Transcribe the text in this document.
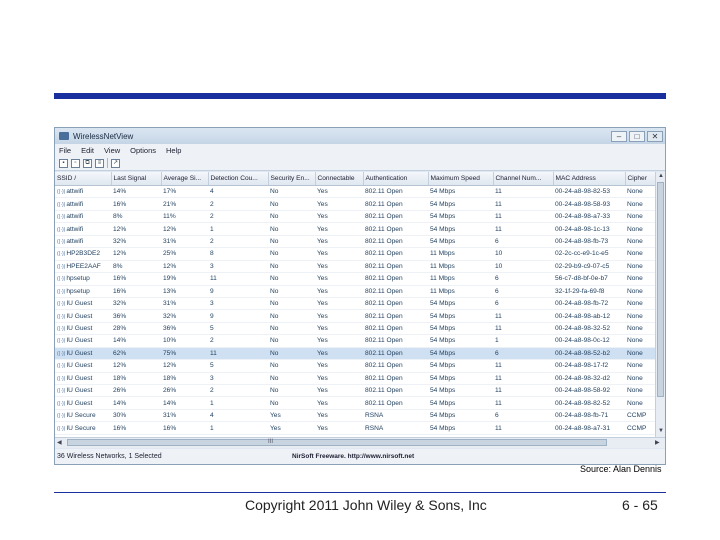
WirelessNetView	–	□	✕
File Edit View Options Help
▪	▫	⧉	≡	↗
SSID /	Last Signal	Average Si...	Detection Cou...	Security En...	Connectable	Authentication	Maximum Speed	Channel Num...	MAC Address	Cipher
((·))attwifi	14%	17%	4	No	Yes	802.11 Open	54 Mbps	11	00-24-a8-98-82-53	None
((·))attwifi	16%	21%	2	No	Yes	802.11 Open	54 Mbps	11	00-24-a8-98-58-93	None
((·))attwifi	8%	11%	2	No	Yes	802.11 Open	54 Mbps	11	00-24-a8-98-a7-33	None
((·))attwifi	12%	12%	1	No	Yes	802.11 Open	54 Mbps	11	00-24-a8-98-1c-13	None
((·))attwifi	32%	31%	2	No	Yes	802.11 Open	54 Mbps	6	00-24-a8-98-fb-73	None
((·))HP2B3DE2	12%	25%	8	No	Yes	802.11 Open	11 Mbps	10	02-2c-cc-e9-1c-e5	None
((·))HPEE2AAF	8%	12%	3	No	Yes	802.11 Open	11 Mbps	10	02-29-b9-c9-07-c5	None
((·))hpsetup	16%	19%	11	No	Yes	802.11 Open	11 Mbps	6	56-c7-d8-bf-0e-b7	None
((·))hpsetup	16%	13%	9	No	Yes	802.11 Open	11 Mbps	6	32-1f-29-fa-69-f8	None
((·))IU Guest	32%	31%	3	No	Yes	802.11 Open	54 Mbps	6	00-24-a8-98-fb-72	None
((·))IU Guest	36%	32%	9	No	Yes	802.11 Open	54 Mbps	11	00-24-a8-98-ab-12	None
((·))IU Guest	28%	36%	5	No	Yes	802.11 Open	54 Mbps	11	00-24-a8-98-32-52	None
((·))IU Guest	14%	10%	2	No	Yes	802.11 Open	54 Mbps	1	00-24-a8-98-0c-12	None
((·))IU Guest	62%	75%	11	No	Yes	802.11 Open	54 Mbps	6	00-24-a8-98-52-b2	None
((·))IU Guest	12%	12%	5	No	Yes	802.11 Open	54 Mbps	11	00-24-a8-98-17-f2	None
((·))IU Guest	18%	18%	3	No	Yes	802.11 Open	54 Mbps	11	00-24-a8-98-32-d2	None
((·))IU Guest	26%	26%	2	No	Yes	802.11 Open	54 Mbps	11	00-24-a8-98-58-92	None
((·))IU Guest	14%	14%	1	No	Yes	802.11 Open	54 Mbps	11	00-24-a8-98-82-52	None
((·))IU Secure	30%	31%	4	Yes	Yes	RSNA	54 Mbps	6	00-24-a8-98-fb-71	CCMP
((·))IU Secure	16%	16%	1	Yes	Yes	RSNA	54 Mbps	11	00-24-a8-98-a7-31	CCMP

▲
▼
◀	III	▶
36 Wireless Networks, 1 Selected	NirSoft Freeware. http://www.nirsoft.net
Source: Alan Dennis
Copyright 2011 John Wiley & Sons, Inc	6 - 65
